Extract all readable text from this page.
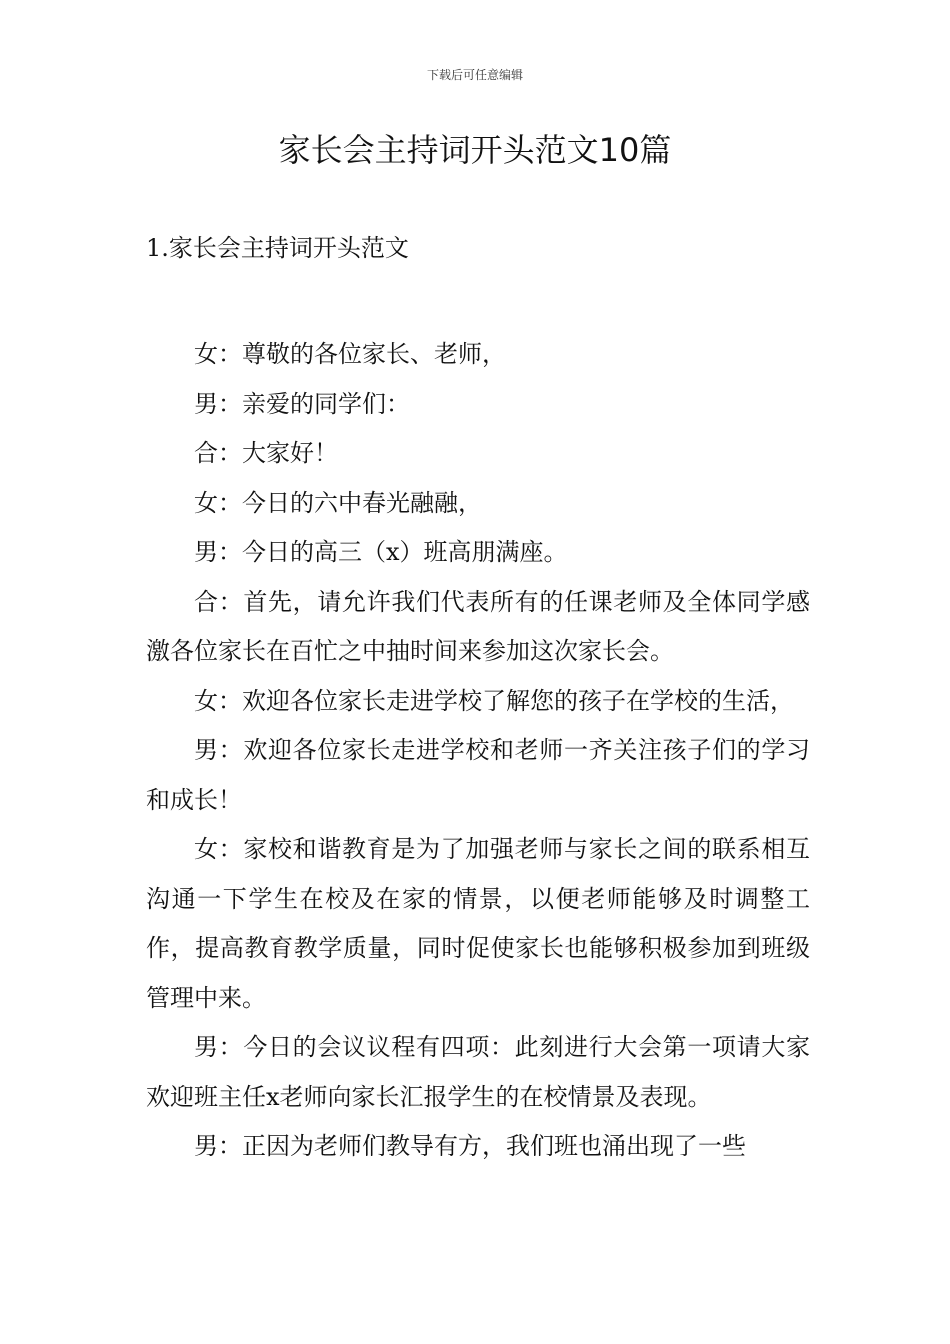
下载后可任意编辑
家长会主持词开头范文10篇
1.家长会主持词开头范文

女：尊敬的各位家长、老师，

男：亲爱的同学们：

合：大家好！

女：今日的六中春光融融，

男：今日的高三（x）班高朋满座。

合：首先，请允许我们代表所有的任课老师及全体同学感激各位家长在百忙之中抽时间来参加这次家长会。

女：欢迎各位家长走进学校了解您的孩子在学校的生活，

男：欢迎各位家长走进学校和老师一齐关注孩子们的学习和成长！

女：家校和谐教育是为了加强老师与家长之间的联系相互沟通一下学生在校及在家的情景，以便老师能够及时调整工作，提高教育教学质量，同时促使家长也能够积极参加到班级管理中来。

男：今日的会议议程有四项：此刻进行大会第一项请大家欢迎班主任x老师向家长汇报学生的在校情景及表现。

男：正因为老师们教导有方，我们班也涌出现了一些
